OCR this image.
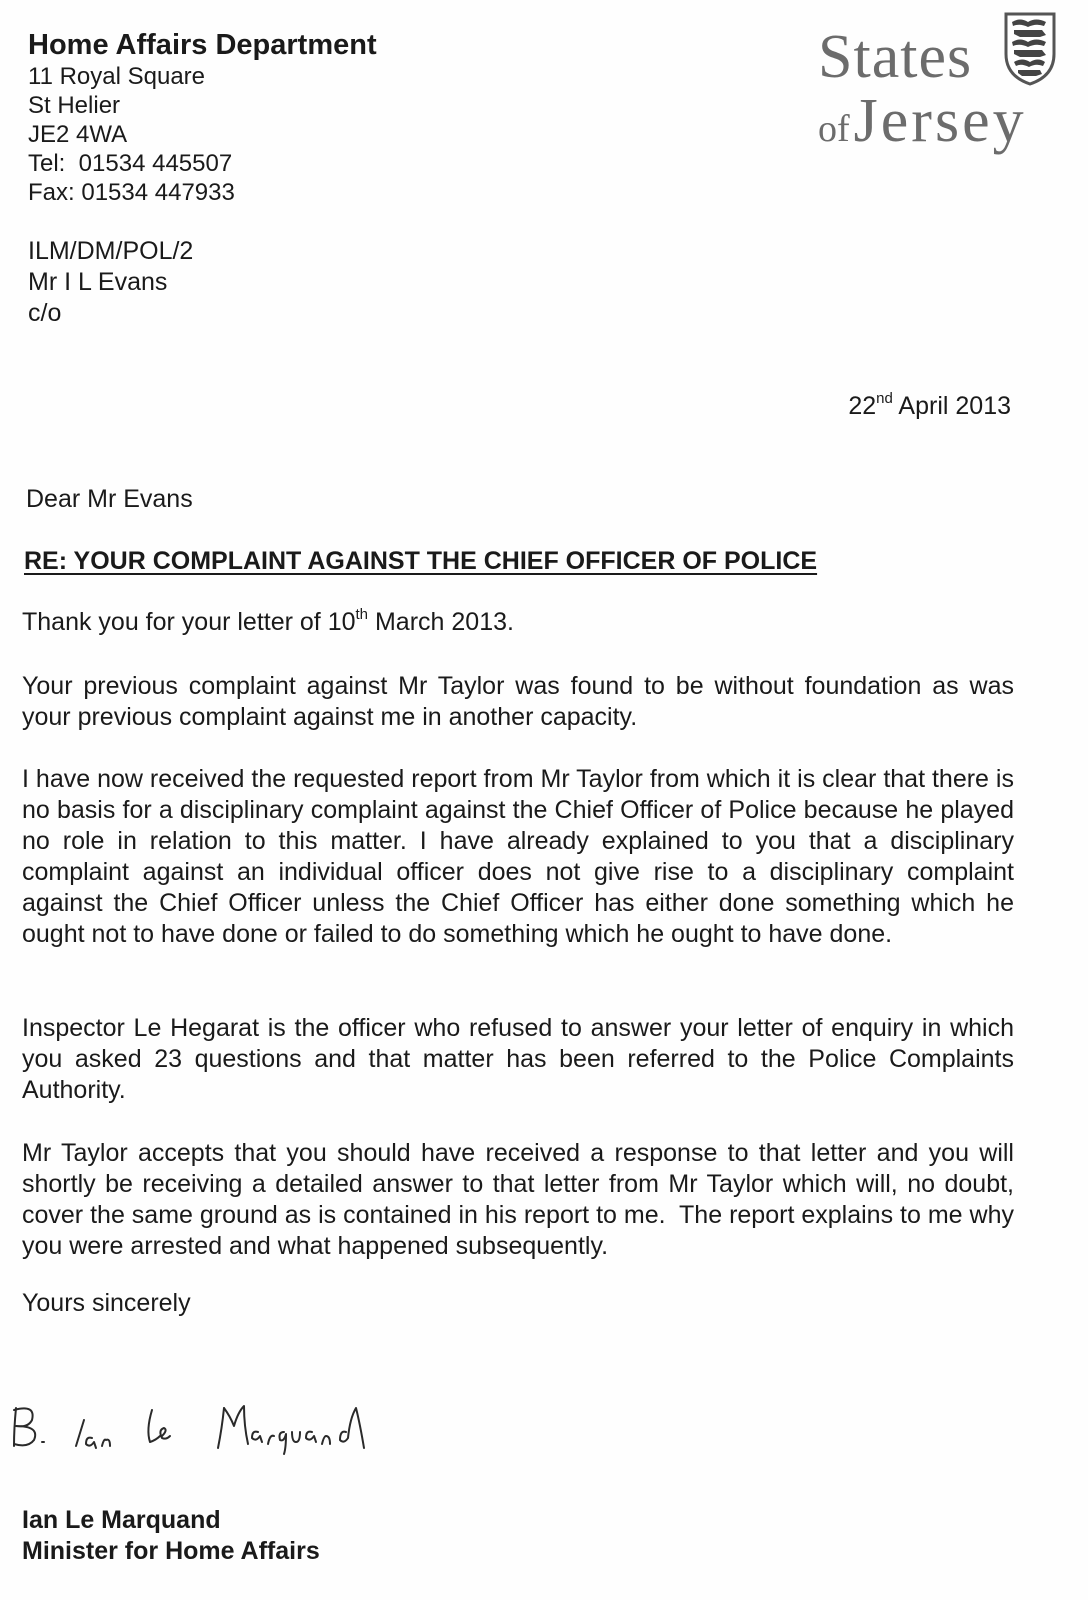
Home Affairs Department
11 Royal Square
St Helier
JE2 4WA
Tel:  01534 445507
Fax: 01534 447933
States
of Jersey
ILM/DM/POL/2
Mr I L Evans
c/o
22nd April 2013
Dear Mr Evans
RE: YOUR COMPLAINT AGAINST THE CHIEF OFFICER OF POLICE
Thank you for your letter of 10th March 2013.
Your previous complaint against Mr Taylor was found to be without foundation as was your previous complaint against me in another capacity.
I have now received the requested report from Mr Taylor from which it is clear that there is no basis for a disciplinary complaint against the Chief Officer of Police because he played no role in relation to this matter. I have already explained to you that a disciplinary complaint against an individual officer does not give rise to a disciplinary complaint against the Chief Officer unless the Chief Officer has either done something which he ought not to have done or failed to do something which he ought to have done.
Inspector Le Hegarat is the officer who refused to answer your letter of enquiry in which you asked 23 questions and that matter has been referred to the Police Complaints Authority.
Mr Taylor accepts that you should have received a response to that letter and you will shortly be receiving a detailed answer to that letter from Mr Taylor which will, no doubt, cover the same ground as is contained in his report to me.  The report explains to me why you were arrested and what happened subsequently.
Yours sincerely
Ian Le Marquand
Minister for Home Affairs
